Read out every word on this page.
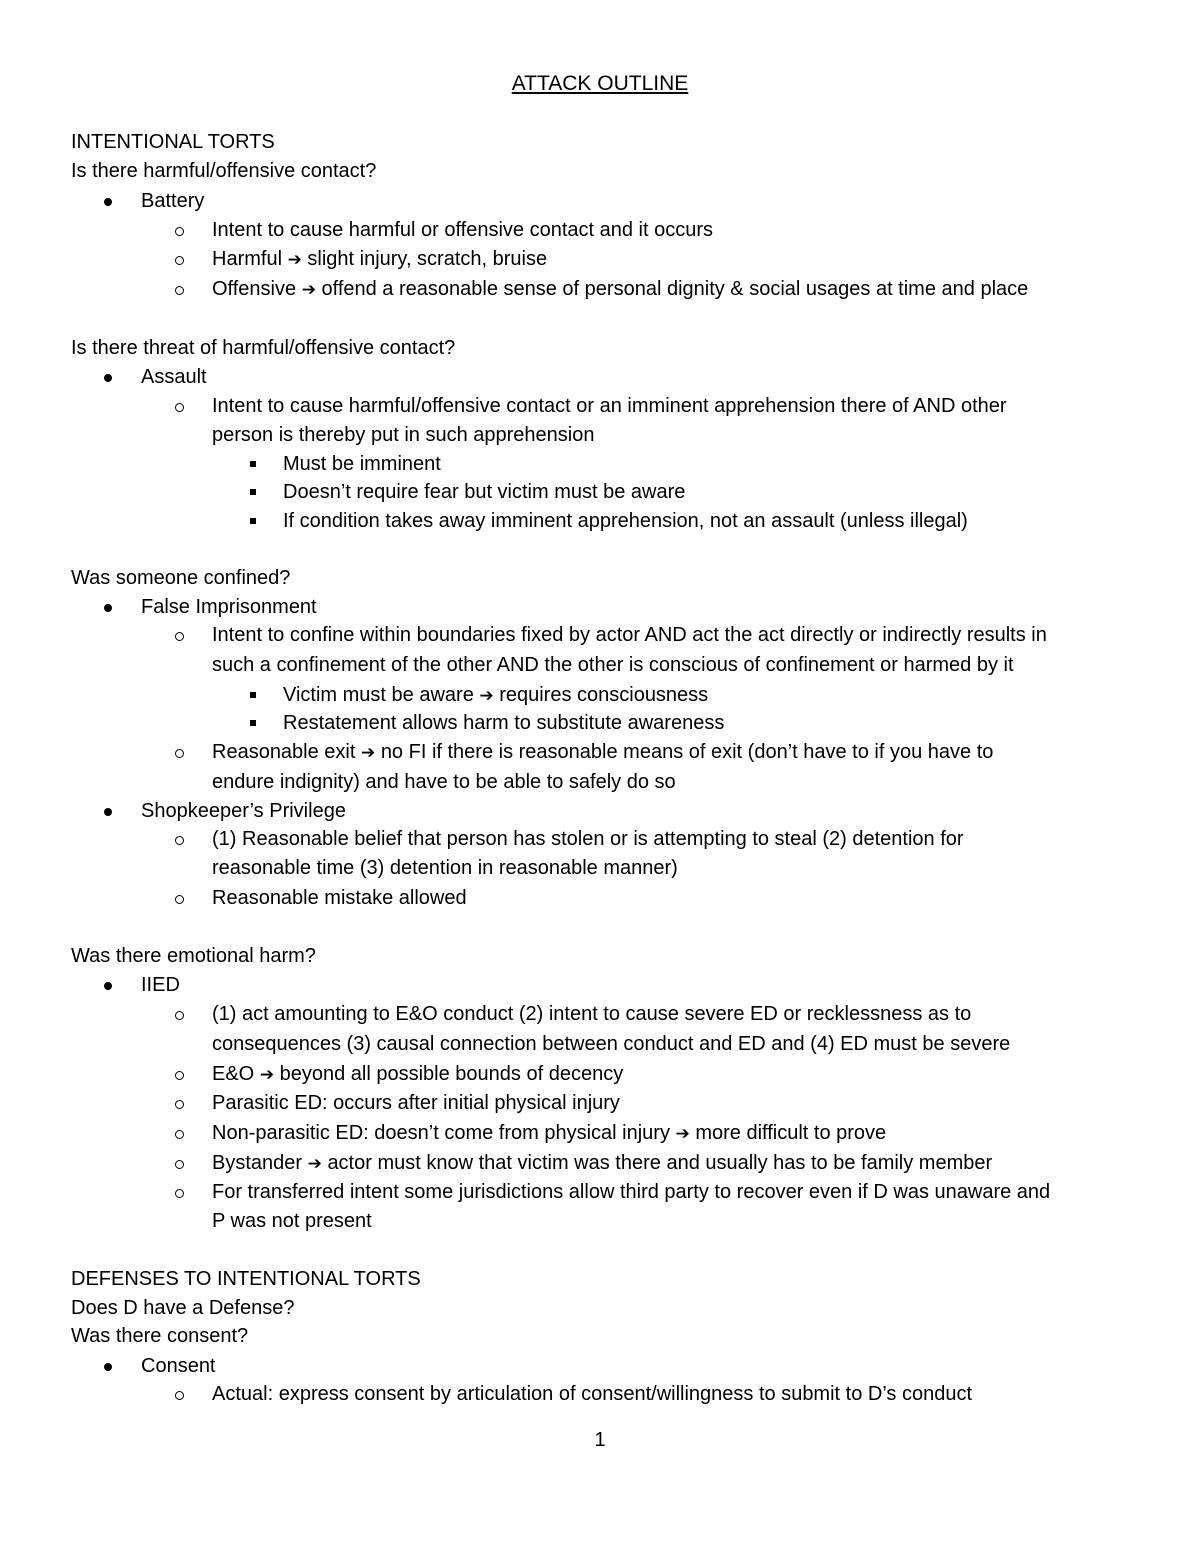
ATTACK OUTLINE

INTENTIONAL TORTS

Is there harmful/offensive contact?

Battery

Intent to cause harmful or offensive contact and it occurs

Harmful ➔ slight injury, scratch, bruise

Offensive ➔ offend a reasonable sense of personal dignity & social usages at time and place

Is there threat of harmful/offensive contact?

Assault

Intent to cause harmful/offensive contact or an imminent apprehension there of AND other

person is thereby put in such apprehension

Must be imminent

Doesn’t require fear but victim must be aware

If condition takes away imminent apprehension, not an assault (unless illegal)

Was someone confined?

False Imprisonment

Intent to confine within boundaries fixed by actor AND act the act directly or indirectly results in

such a confinement of the other AND the other is conscious of confinement or harmed by it

Victim must be aware ➔ requires consciousness

Restatement allows harm to substitute awareness

Reasonable exit ➔ no FI if there is reasonable means of exit (don’t have to if you have to

endure indignity) and have to be able to safely do so

Shopkeeper’s Privilege

(1) Reasonable belief that person has stolen or is attempting to steal (2) detention for

reasonable time (3) detention in reasonable manner)

Reasonable mistake allowed

Was there emotional harm?

IIED

(1) act amounting to E&O conduct (2) intent to cause severe ED or recklessness as to

consequences (3) causal connection between conduct and ED and (4) ED must be severe

E&O ➔ beyond all possible bounds of decency

Parasitic ED: occurs after initial physical injury

Non-parasitic ED: doesn’t come from physical injury ➔ more difficult to prove

Bystander ➔ actor must know that victim was there and usually has to be family member

For transferred intent some jurisdictions allow third party to recover even if D was unaware and

P was not present

DEFENSES TO INTENTIONAL TORTS

Does D have a Defense?

Was there consent?

Consent

Actual: express consent by articulation of consent/willingness to submit to D’s conduct

1
